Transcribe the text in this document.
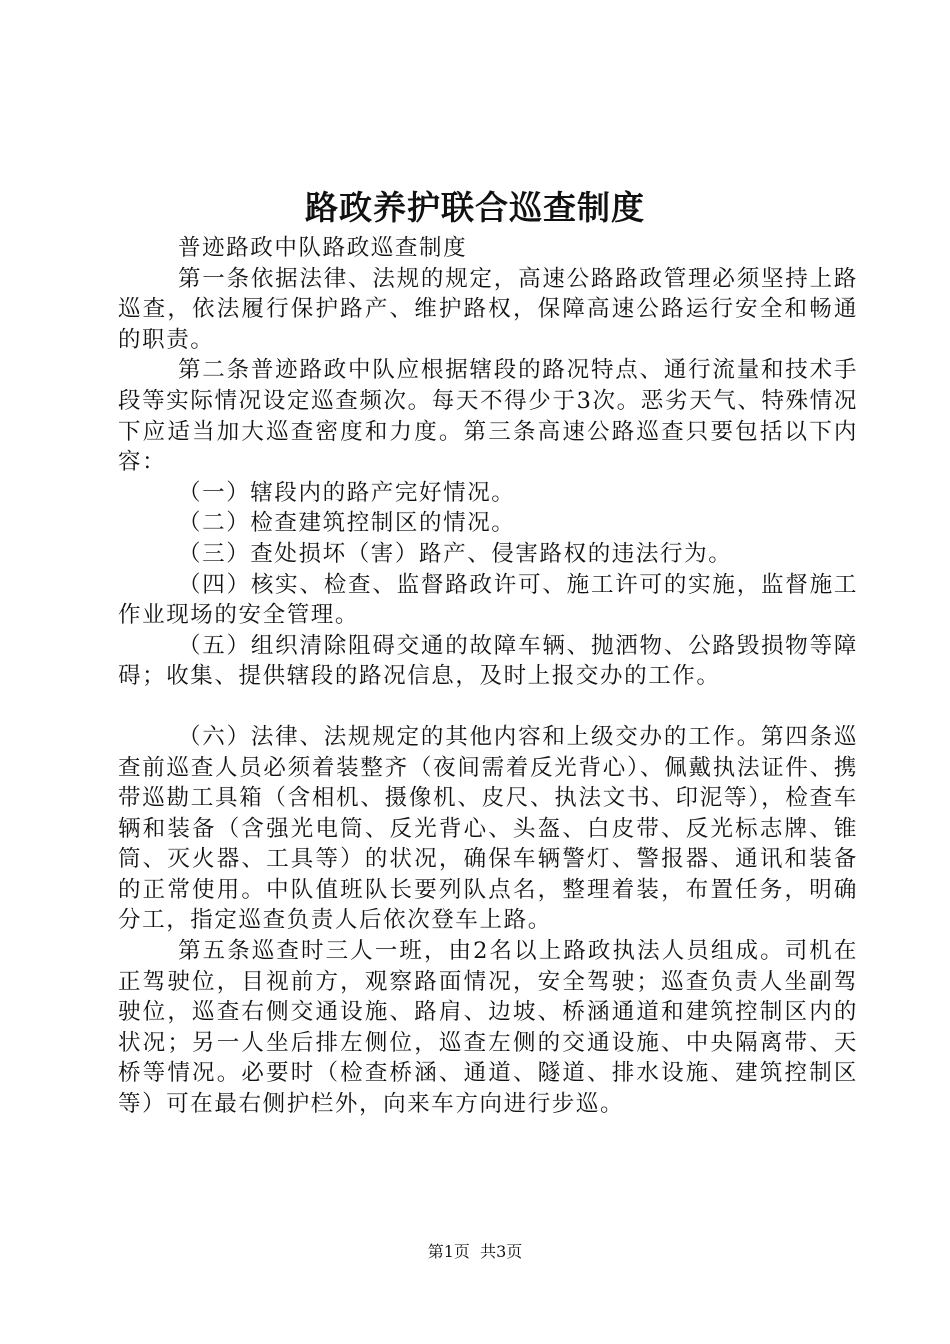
路政养护联合巡查制度

普迹路政中队路政巡查制度

第一条依据法律、法规的规定，高速公路路政管理必须坚持上路巡查，依法履行保护路产、维护路权，保障高速公路运行安全和畅通的职责。

第二条普迹路政中队应根据辖段的路况特点、通行流量和技术手段等实际情况设定巡查频次。每天不得少于3次。恶劣天气、特殊情况下应适当加大巡查密度和力度。第三条高速公路巡查只要包括以下内容：

（一）辖段内的路产完好情况。

（二）检查建筑控制区的情况。

（三）查处损坏（害）路产、侵害路权的违法行为。

（四）核实、检查、监督路政许可、施工许可的实施，监督施工作业现场的安全管理。

（五）组织清除阻碍交通的故障车辆、抛洒物、公路毁损物等障碍；收集、提供辖段的路况信息，及时上报交办的工作。

（六）法律、法规规定的其他内容和上级交办的工作。第四条巡查前巡查人员必须着装整齐（夜间需着反光背心）、佩戴执法证件、携带巡勘工具箱（含相机、摄像机、皮尺、执法文书、印泥等），检查车辆和装备（含强光电筒、反光背心、头盔、白皮带、反光标志牌、锥筒、灭火器、工具等）的状况，确保车辆警灯、警报器、通讯和装备的正常使用。中队值班队长要列队点名，整理着装，布置任务，明确分工，指定巡查负责人后依次登车上路。

第五条巡查时三人一班，由2名以上路政执法人员组成。司机在正驾驶位，目视前方，观察路面情况，安全驾驶；巡查负责人坐副驾驶位，巡查右侧交通设施、路肩、边坡、桥涵通道和建筑控制区内的状况；另一人坐后排左侧位，巡查左侧的交通设施、中央隔离带、天桥等情况。必要时（检查桥涵、通道、隧道、排水设施、建筑控制区等）可在最右侧护栏外，向来车方向进行步巡。

第1页 共3页
